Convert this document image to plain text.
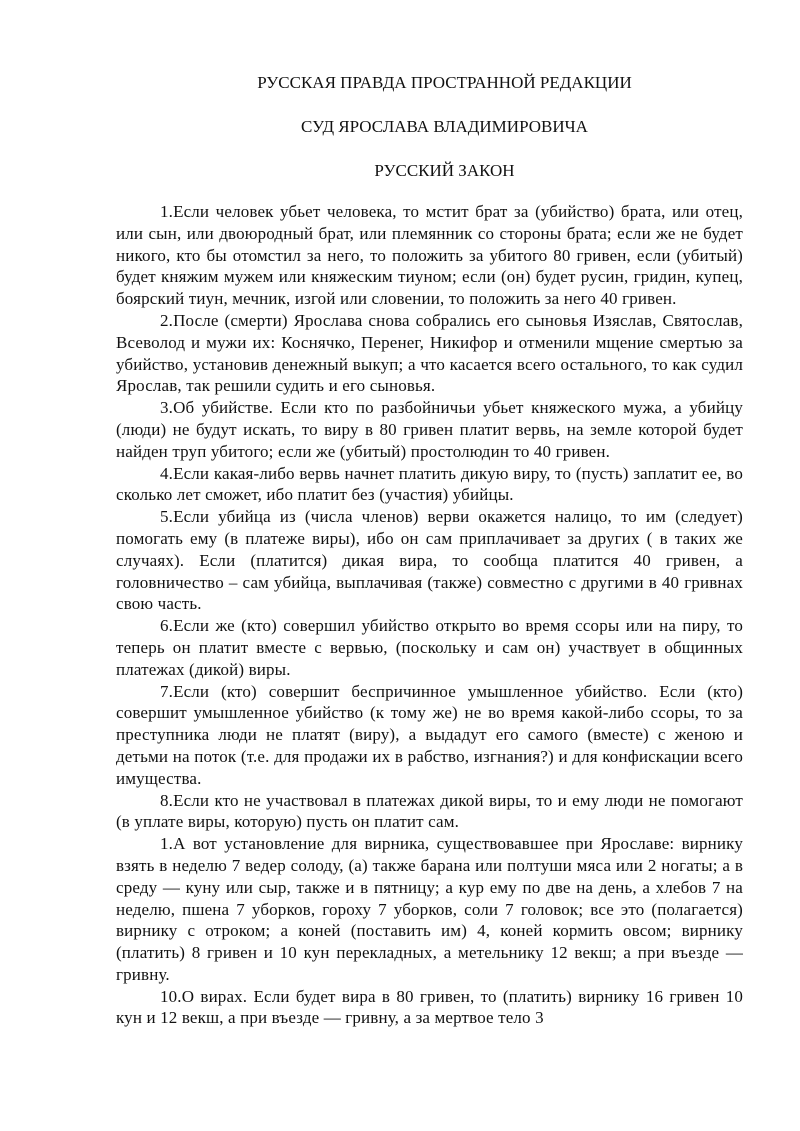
РУССКАЯ ПРАВДА ПРОСТРАННОЙ РЕДАКЦИИ
СУД ЯРОСЛАВА ВЛАДИМИРОВИЧА
РУССКИЙ ЗАКОН

1.Если человек убьет человека, то мстит брат за (убийство) брата, или отец, или сын, или двоюродный брат, или племянник со стороны брата; если же не будет никого, кто бы отомстил за него, то положить за убитого 80 гривен, если (убитый) будет княжим мужем или княжеским тиуном; если (он) будет русин, гридин, купец, боярский тиун, мечник, изгой или словении, то положить за него 40 гривен.

2.После (смерти) Ярослава снова собрались его сыновья Изяслав, Святослав, Всеволод и мужи их: Коснячко, Перенег, Никифор и отменили мщение смертью за убийство, установив денежный выкуп; а что касается всего остального, то как судил Ярослав, так решили судить и его сыновья.

3.Об убийстве. Если кто по разбойничьи убьет княжеского мужа, а убийцу (люди) не будут искать, то виру в 80 гривен платит вервь, на земле которой будет найден труп убитого; если же (убитый) простолюдин то 40 гривен.

4.Если какая-либо вервь начнет платить дикую виру, то (пусть) заплатит ее, во сколько лет сможет, ибо платит без (участия) убийцы.

5.Если убийца из (числа членов) верви окажется налицо, то им (следует) помогать ему (в платеже виры), ибо он сам приплачивает за других ( в таких же случаях). Если (платится) дикая вира, то сообща платится 40 гривен, а головничество – сам убийца, выплачивая (также) совместно с другими в 40 гривнах свою часть.

6.Если же (кто) совершил убийство открыто во время ссоры или на пиру, то теперь он платит вместе с вервью, (поскольку и сам он) участвует в общинных платежах (дикой) виры.

7.Если (кто) совершит беспричинное умышленное убийство. Если (кто) совершит умышленное убийство (к тому же) не во время какой-либо ссоры, то за преступника люди не платят (виру), а выдадут его самого (вместе) с женою и детьми на поток (т.е. для продажи их в рабство, изгнания?) и для конфискации всего имущества.

8.Если кто не участвовал в платежах дикой виры, то и ему люди не помогают (в уплате виры, которую) пусть он платит сам.

1.А вот установление для вирника, существовавшее при Ярославе: вирнику взять в неделю 7 ведер солоду, (а) также барана или полтуши мяса или 2 ногаты; а в среду — куну или сыр, также и в пятницу; а кур ему по две на день, а хлебов 7 на неделю, пшена 7 уборков, гороху 7 уборков, соли 7 головок; все это (полагается) вирнику с отроком; а коней (поставить им) 4, коней кормить овсом; вирнику (платить) 8 гривен и 10 кун перекладных, а метельнику 12 векш; а при въезде — гривну.

10.О вирах. Если будет вира в 80 гривен, то (платить) вирнику 16 гривен 10 кун и 12 векш, а при въезде — гривну, а за мертвое тело 3
